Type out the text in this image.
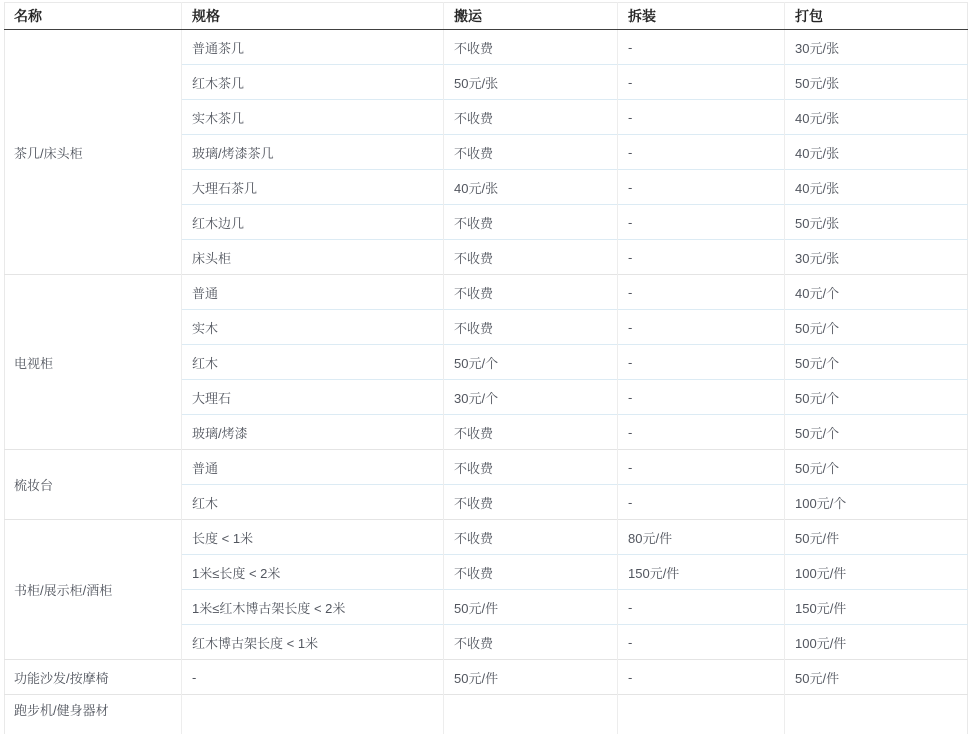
名称	规格	搬运	拆装	打包
茶几/床头柜	普通茶几	不收费	-	30元/张
	红木茶几	50元/张	-	50元/张
	实木茶几	不收费	-	40元/张
	玻璃/烤漆茶几	不收费	-	40元/张
	大理石茶几	40元/张	-	40元/张
	红木边几	不收费	-	50元/张
	床头柜	不收费	-	30元/张
电视柜	普通	不收费	-	40元/个
	实木	不收费	-	50元/个
	红木	50元/个	-	50元/个
	大理石	30元/个	-	50元/个
	玻璃/烤漆	不收费	-	50元/个
梳妆台	普通	不收费	-	50元/个
	红木	不收费	-	100元/个
书柜/展示柜/酒柜	长度 < 1米	不收费	80元/件	50元/件
	1米≤长度 < 2米	不收费	150元/件	100元/件
	1米≤红木博古架长度 < 2米	50元/件	-	150元/件
	红木博古架长度 < 1米	不收费	-	100元/件
功能沙发/按摩椅	-	50元/件	-	50元/件
跑步机/健身器材				
